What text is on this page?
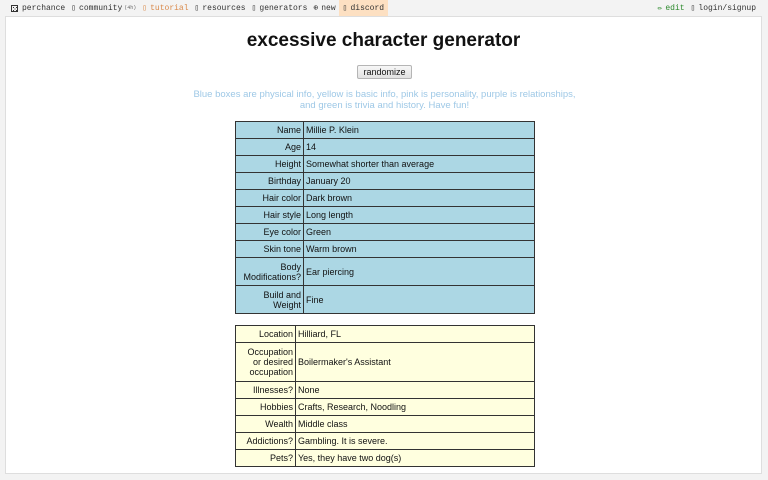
perchance ▯ community (4h) ▯ tutorial ▯ resources ▯ generators ⊕ new ▯ discord	✏ edit ▯ login/signup
excessive character generator
randomize
Blue boxes are physical info, yellow is basic info, pink is personality, purple is relationships, and green is trivia and history. Have fun!
Name	Millie P. Klein
Age	14
Height	Somewhat shorter than average
Birthday	January 20
Hair color	Dark brown
Hair style	Long length
Eye color	Green
Skin tone	Warm brown
Body Modifications?	Ear piercing
Build and Weight	Fine
Location	Hilliard, FL
Occupation or desired occupation	Boilermaker's Assistant
Illnesses?	None
Hobbies	Crafts, Research, Noodling
Wealth	Middle class
Addictions?	Gambling. It is severe.
Pets?	Yes, they have two dog(s)
